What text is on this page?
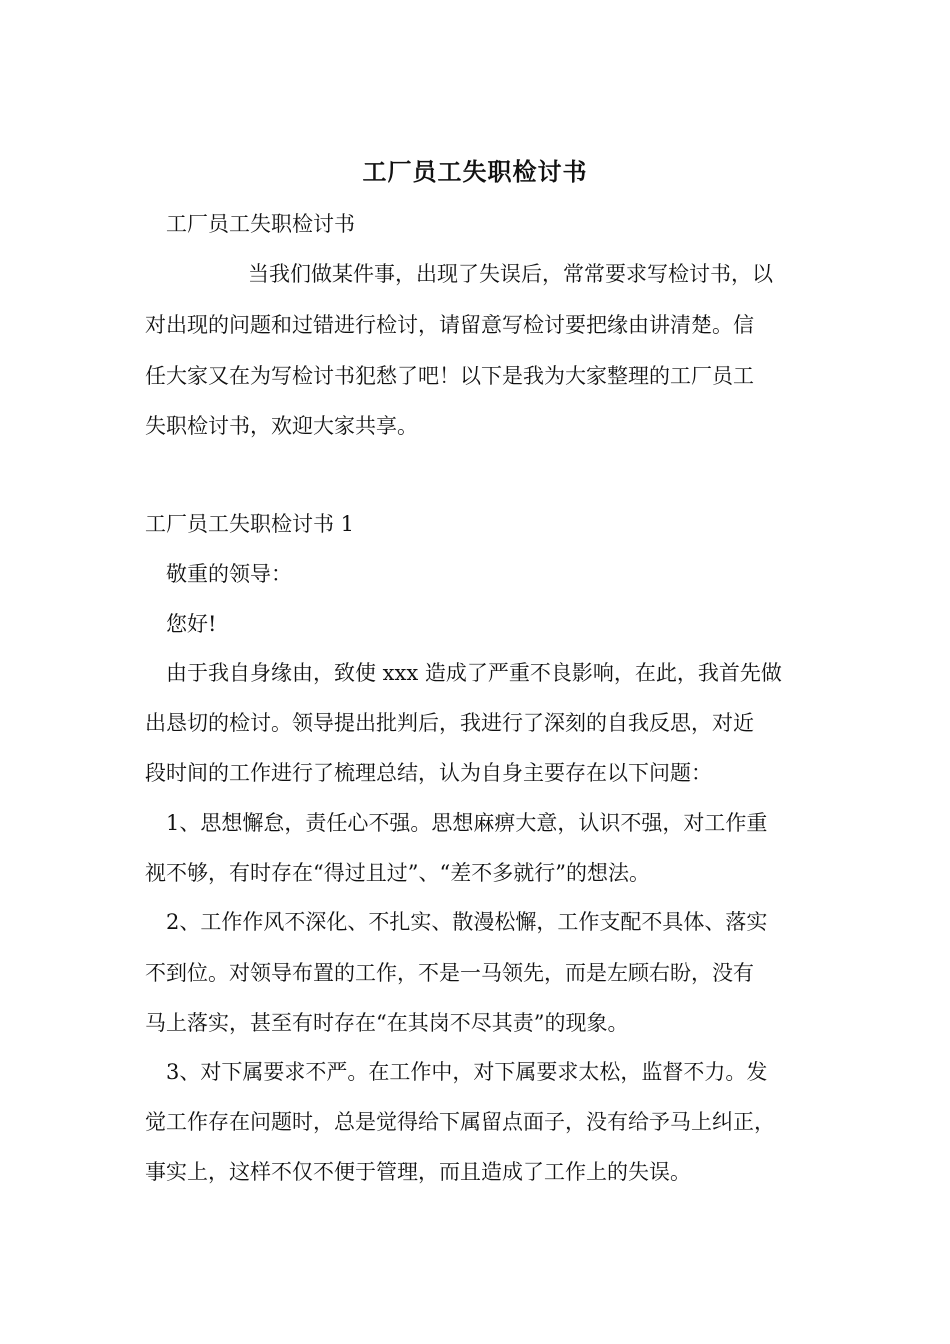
工厂员工失职检讨书
工厂员工失职检讨书
当我们做某件事，出现了失误后，常常要求写检讨书，以
对出现的问题和过错进行检讨，请留意写检讨要把缘由讲清楚。信
任大家又在为写检讨书犯愁了吧！以下是我为大家整理的工厂员工
失职检讨书，欢迎大家共享。
工厂员工失职检讨书 1
敬重的领导：
您好!
由于我自身缘由，致使 xxx 造成了严重不良影响，在此，我首先做
出恳切的检讨。领导提出批判后，我进行了深刻的自我反思，对近
段时间的工作进行了梳理总结，认为自身主要存在以下问题：
1、思想懈怠，责任心不强。思想麻痹大意，认识不强，对工作重
视不够，有时存在“得过且过”、“差不多就行”的想法。
2、工作作风不深化、不扎实、散漫松懈，工作支配不具体、落实
不到位。对领导布置的工作，不是一马领先，而是左顾右盼，没有
马上落实，甚至有时存在“在其岗不尽其责”的现象。
3、对下属要求不严。在工作中，对下属要求太松，监督不力。发
觉工作存在问题时，总是觉得给下属留点面子，没有给予马上纠正，
事实上，这样不仅不便于管理，而且造成了工作上的失误。
